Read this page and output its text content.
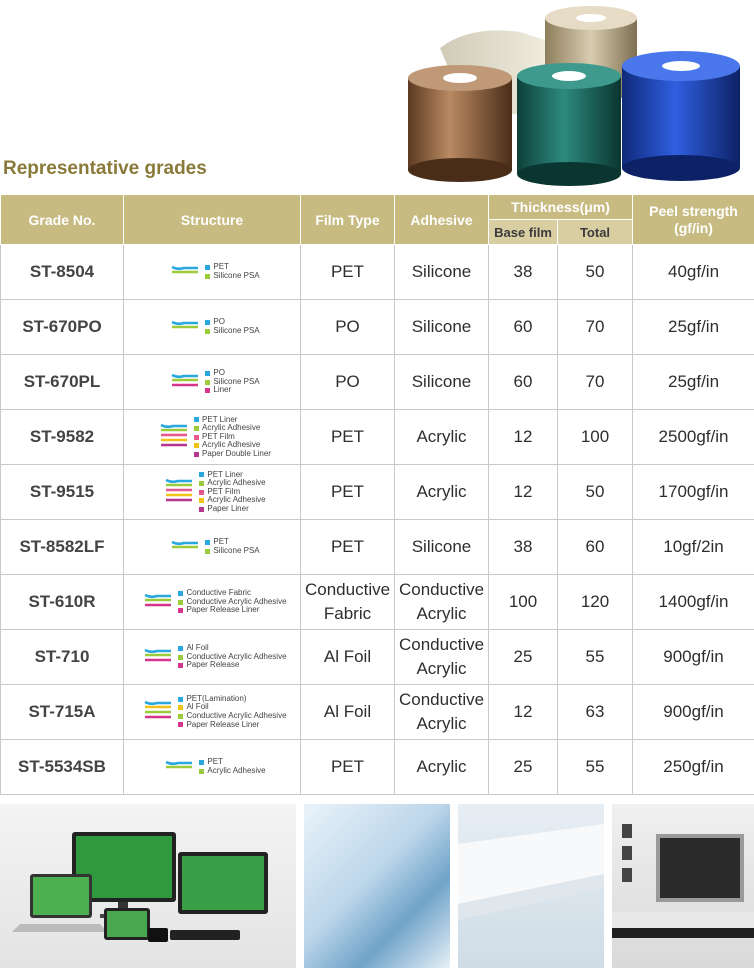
Representative grades
Grade No.	Structure	Film Type	Adhesive	Thickness(μm)		Peel strength (gf/in)
				Base film	Total	
ST-8504	PET
Silicone PSA	PET	Silicone	38	50	40gf/in
ST-670PO	PO
Silicone PSA	PO	Silicone	60	70	25gf/in
ST-670PL	PO
Silicone PSA
Liner	PO	Silicone	60	70	25gf/in
ST-9582	PET Liner
Acrylic Adhesive
PET Film
Acrylic Adhesive
Paper Double Liner	PET	Acrylic	12	100	2500gf/in
ST-9515	PET Liner
Acrylic Adhesive
PET Film
Acrylic Adhesive
Paper Liner	PET	Acrylic	12	50	1700gf/in
ST-8582LF	PET
Silicone PSA	PET	Silicone	38	60	10gf/2in
ST-610R	Conductive Fabric
Conductive Acrylic Adhesive
Paper Release Liner	Conductive Fabric	Conductive Acrylic	100	120	1400gf/in
ST-710	Al Foil
Conductive Acrylic Adhesive
Paper Release	Al Foil	Conductive Acrylic	25	55	900gf/in
ST-715A	PET(Lamination)
Al Foil
Conductive Acrylic Adhesive
Paper Release Liner	Al Foil	Conductive Acrylic	12	63	900gf/in
ST-5534SB	PET
Acrylic Adhesive	PET	Acrylic	25	55	250gf/in
